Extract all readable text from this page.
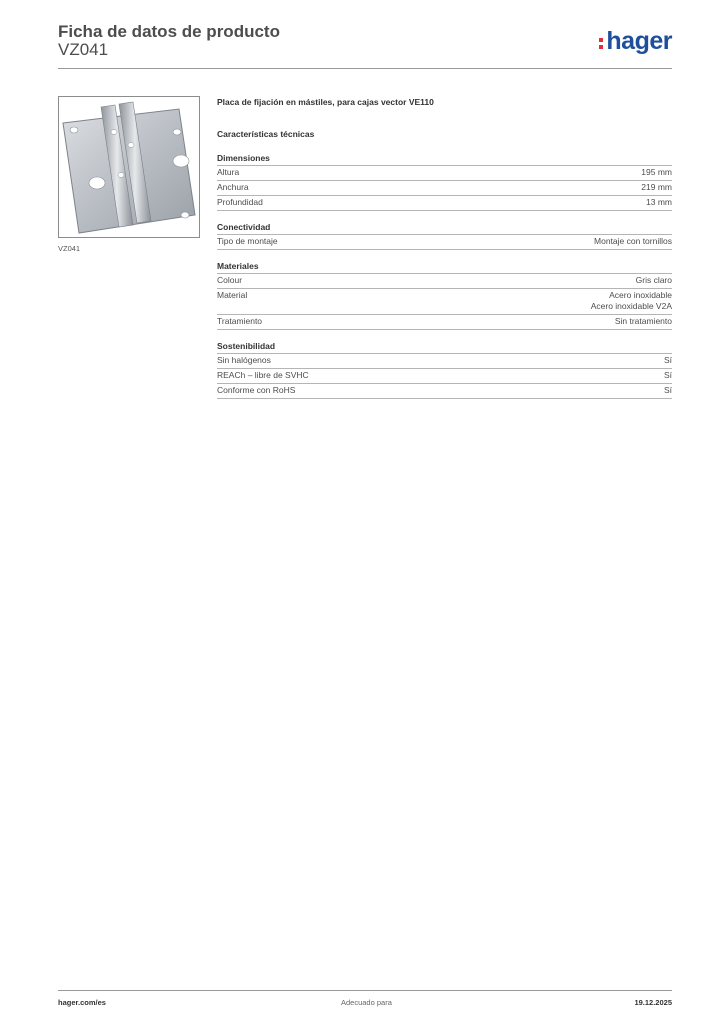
Ficha de datos de producto
VZ041	hager
VZ041
Placa de fijación en mástiles, para cajas vector VE110
Características técnicas
Dimensiones
Altura	195 mm
Anchura	219 mm
Profundidad	13 mm
Conectividad
Tipo de montaje	Montaje con tornillos
Materiales
Colour	Gris claro
Material	Acero inoxidable
Acero inoxidable V2A
Tratamiento	Sin tratamiento
Sostenibilidad
Sin halógenos	Sí
REACh – libre de SVHC	Sí
Conforme con RoHS	Sí
hager.com/es	Adecuado para	19.12.2025
